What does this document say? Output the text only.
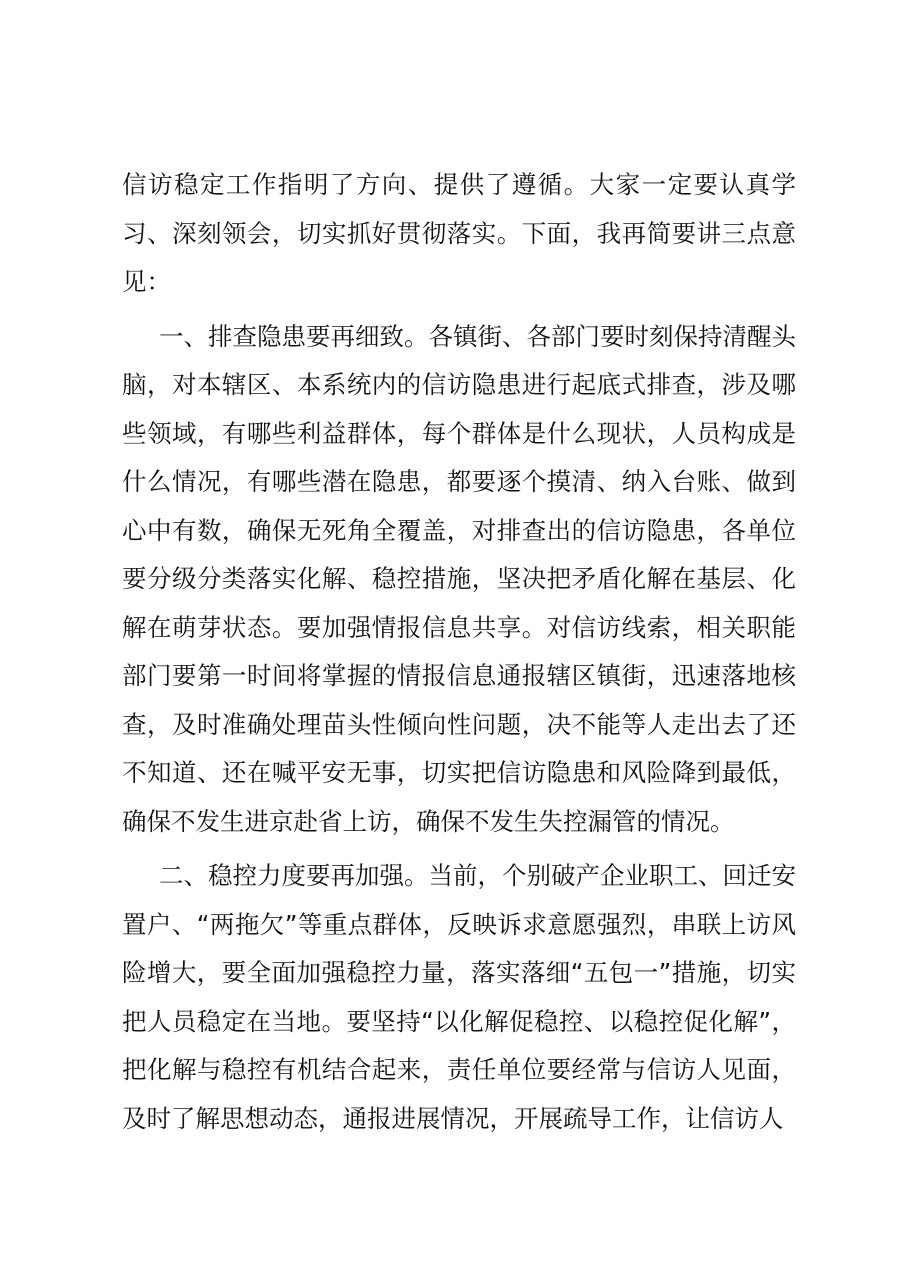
信访稳定工作指明了方向、提供了遵循。大家一定要认真学习、深刻领会，切实抓好贯彻落实。下面，我再简要讲三点意见：

一、排查隐患要再细致。各镇街、各部门要时刻保持清醒头脑，对本辖区、本系统内的信访隐患进行起底式排查，涉及哪些领域，有哪些利益群体，每个群体是什么现状，人员构成是什么情况，有哪些潜在隐患，都要逐个摸清、纳入台账、做到心中有数，确保无死角全覆盖，对排查出的信访隐患，各单位要分级分类落实化解、稳控措施，坚决把矛盾化解在基层、化解在萌芽状态。要加强情报信息共享。对信访线索，相关职能部门要第一时间将掌握的情报信息通报辖区镇街，迅速落地核查，及时准确处理苗头性倾向性问题，决不能等人走出去了还不知道、还在喊平安无事，切实把信访隐患和风险降到最低，确保不发生进京赴省上访，确保不发生失控漏管的情况。

二、稳控力度要再加强。当前，个别破产企业职工、回迁安置户、“两拖欠”等重点群体，反映诉求意愿强烈，串联上访风险增大，要全面加强稳控力量，落实落细“五包一”措施，切实把人员稳定在当地。要坚持“以化解促稳控、以稳控促化解”，把化解与稳控有机结合起来，责任单位要经常与信访人见面，及时了解思想动态，通报进展情况，开展疏导工作，让信访人
